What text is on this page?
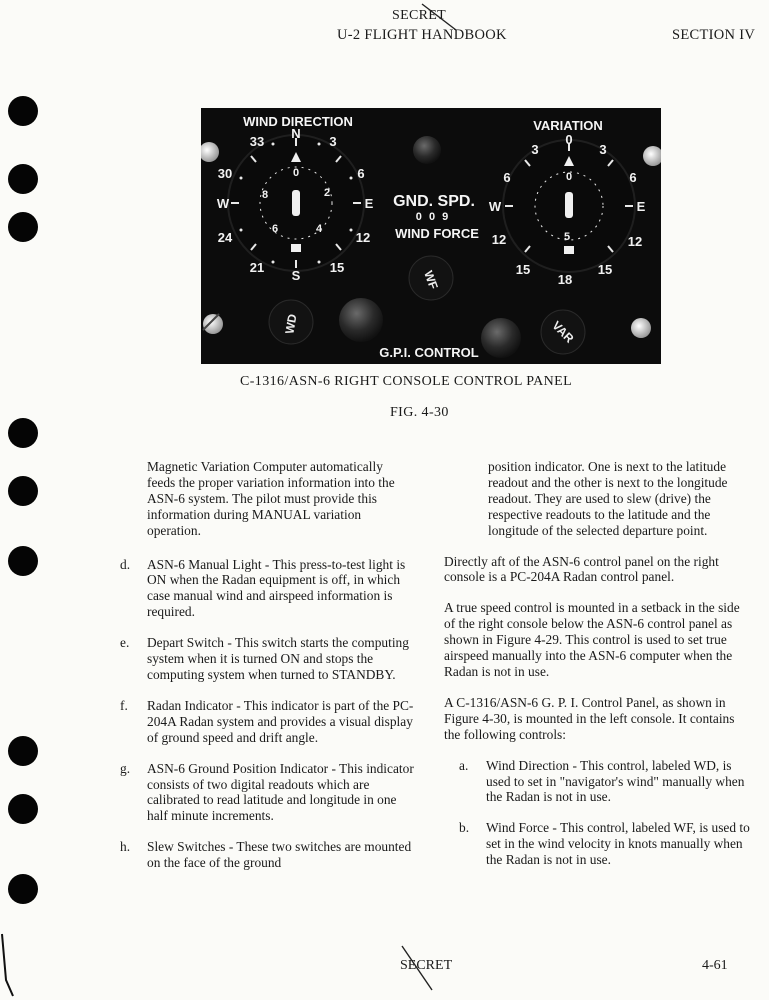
SECRET
U-2 FLIGHT HANDBOOK	SECTION IV
N
S
W	E
33	3
30	6
24	12
21	15
0
2
4
6
8
0
W	E
3	3
6	6
12	12
15	15
18
0
5
WIND DIRECTION	VARIATION
G.P.I. CONTROL
GND. SPD.
0 0 9
WIND FORCE
WF
WD	VAR
C-1316/ASN-6 RIGHT CONSOLE CONTROL PANEL
FIG. 4-30

Magnetic Variation Computer automatically feeds the proper variation information into the ASN-6 system. The pilot must provide this information during MANUAL variation operation.

d. ASN-6 Manual Light - This press-to-test light is ON when the Radan equipment is off, in which case manual wind and airspeed information is required.

e. Depart Switch - This switch starts the computing system when it is turned ON and stops the computing system when turned to STANDBY.

f. Radan Indicator - This indicator is part of the PC-204A Radan system and provides a visual display of ground speed and drift angle.

g. ASN-6 Ground Position Indicator - This indicator consists of two digital readouts which are calibrated to read latitude and longitude in one half minute increments.

h. Slew Switches - These two switches are mounted on the face of the ground

position indicator. One is next to the latitude readout and the other is next to the longitude readout. They are used to slew (drive) the respective readouts to the latitude and the longitude of the selected departure point.

Directly aft of the ASN-6 control panel on the right console is a PC-204A Radan control panel.

A true speed control is mounted in a setback in the side of the right console below the ASN-6 control panel as shown in Figure 4-29. This control is used to set true airspeed manually into the ASN-6 computer when the Radan is not in use.

A C-1316/ASN-6 G. P. I. Control Panel, as shown in Figure 4-30, is mounted in the left console. It contains the following controls:

a. Wind Direction - This control, labeled WD, is used to set in "navigator's wind" manually when the Radan is not in use.

b. Wind Force - This control, labeled WF, is used to set in the wind velocity in knots manually when the Radan is not in use.

SECRET	4-61
